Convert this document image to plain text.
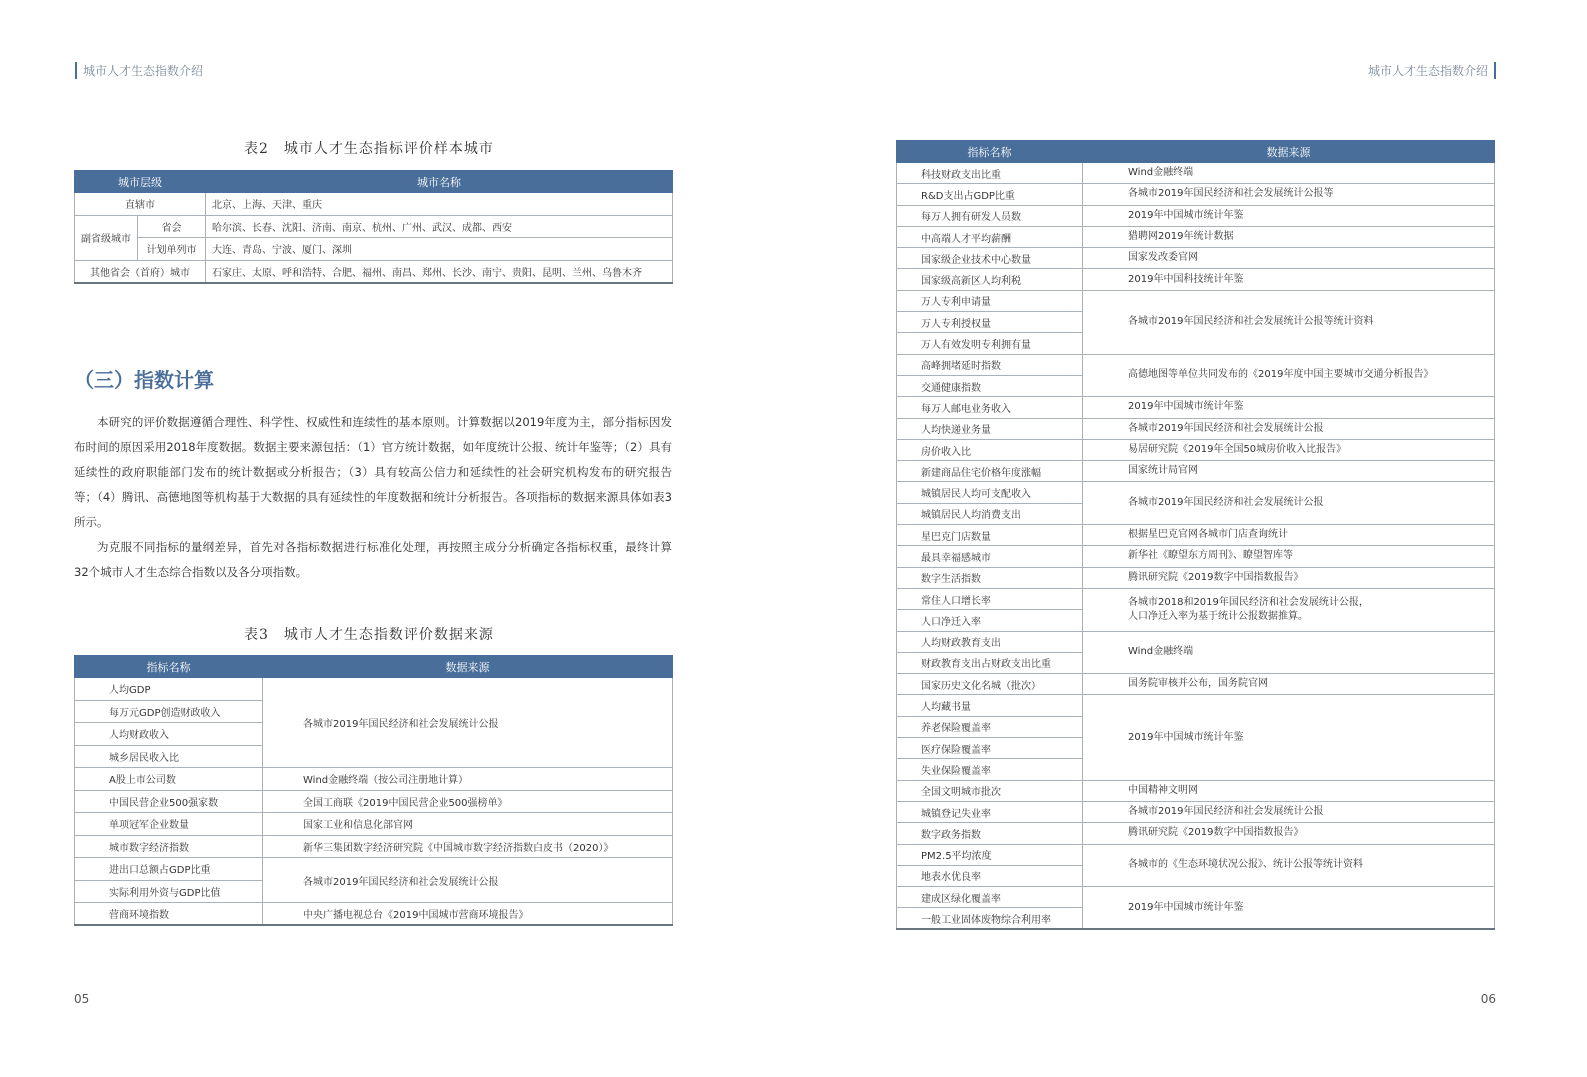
城市人才生态指数介绍	城市人才生态指数介绍
表2　城市人才生态指标评价样本城市
城市层级		城市名称
直辖市		北京、上海、天津、重庆
副省级城市	省会	哈尔滨、长春、沈阳、济南、南京、杭州、广州、武汉、成都、西安
	计划单列市	大连、青岛、宁波、厦门、深圳
其他省会（首府）城市		石家庄、太原、呼和浩特、合肥、福州、南昌、郑州、长沙、南宁、贵阳、昆明、兰州、乌鲁木齐
（三）指数计算

本研究的评价数据遵循合理性、科学性、权威性和连续性的基本原则。计算数据以2019年度为主，部分指标因发布时间的原因采用2018年度数据。数据主要来源包括：（1）官方统计数据，如年度统计公报、统计年鉴等；（2）具有延续性的政府职能部门发布的统计数据或分析报告；（3）具有较高公信力和延续性的社会研究机构发布的研究报告等；（4）腾讯、高德地图等机构基于大数据的具有延续性的年度数据和统计分析报告。各项指标的数据来源具体如表3所示。

为克服不同指标的量纲差异，首先对各指标数据进行标准化处理，再按照主成分分析确定各指标权重，最终计算32个城市人才生态综合指数以及各分项指数。

表3　城市人才生态指数评价数据来源
指标名称	数据来源
人均GDP	各城市2019年国民经济和社会发展统计公报
每万元GDP创造财政收入	
人均财政收入	
城乡居民收入比	
A股上市公司数	Wind金融终端（按公司注册地计算）
中国民营企业500强家数	全国工商联《2019中国民营企业500强榜单》
单项冠军企业数量	国家工业和信息化部官网
城市数字经济指数	新华三集团数字经济研究院《中国城市数字经济指数白皮书（2020）》
进出口总额占GDP比重	各城市2019年国民经济和社会发展统计公报
实际利用外资与GDP比值	
营商环境指数	中央广播电视总台《2019中国城市营商环境报告》
指标名称	数据来源
科技财政支出比重	Wind金融终端
R&D支出占GDP比重	各城市2019年国民经济和社会发展统计公报等
每万人拥有研发人员数	2019年中国城市统计年鉴
中高端人才平均薪酬	猎聘网2019年统计数据
国家级企业技术中心数量	国家发改委官网
国家级高新区人均利税	2019年中国科技统计年鉴
万人专利申请量	各城市2019年国民经济和社会发展统计公报等统计资料
万人专利授权量	
万人有效发明专利拥有量	
高峰拥堵延时指数	高德地图等单位共同发布的《2019年度中国主要城市交通分析报告》
交通健康指数	
每万人邮电业务收入	2019年中国城市统计年鉴
人均快递业务量	各城市2019年国民经济和社会发展统计公报
房价收入比	易居研究院《2019年全国50城房价收入比报告》
新建商品住宅价格年度涨幅	国家统计局官网
城镇居民人均可支配收入	各城市2019年国民经济和社会发展统计公报
城镇居民人均消费支出	
星巴克门店数量	根据星巴克官网各城市门店查询统计
最具幸福感城市	新华社《瞭望东方周刊》、瞭望智库等
数字生活指数	腾讯研究院《2019数字中国指数报告》
常住人口增长率	各城市2018和2019年国民经济和社会发展统计公报，
人口净迁入率为基于统计公报数据推算。

人口净迁入率	
人均财政教育支出	Wind金融终端
财政教育支出占财政支出比重	
国家历史文化名城（批次）	国务院审核并公布，国务院官网
人均藏书量	2019年中国城市统计年鉴
养老保险覆盖率	
医疗保险覆盖率	
失业保险覆盖率	
全国文明城市批次	中国精神文明网
城镇登记失业率	各城市2019年国民经济和社会发展统计公报
数字政务指数	腾讯研究院《2019数字中国指数报告》
PM2.5平均浓度	各城市的《生态环境状况公报》、统计公报等统计资料
地表水优良率	
建成区绿化覆盖率	2019年中国城市统计年鉴
一般工业固体废物综合利用率	
05	06
